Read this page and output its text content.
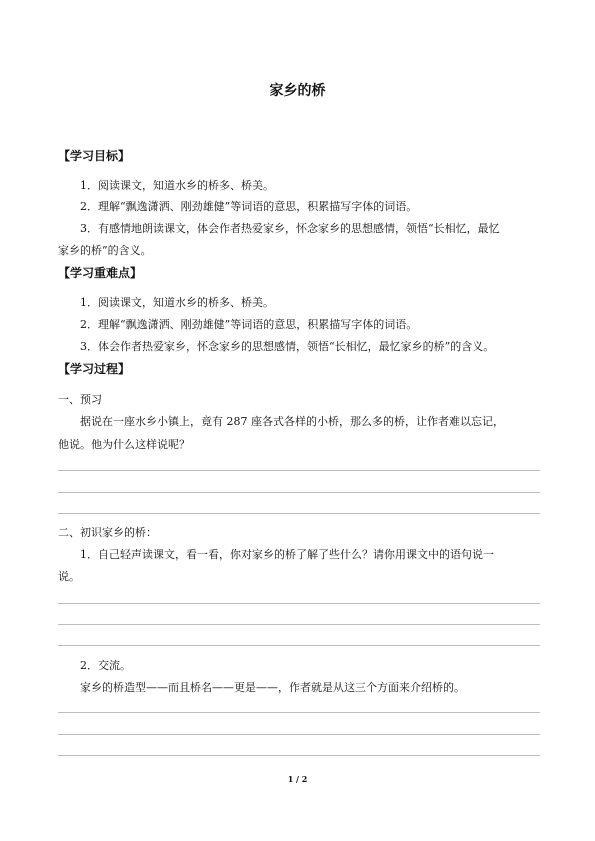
家乡的桥
【学习目标】
1．阅读课文，知道水乡的桥多、桥美。
2．理解“飘逸潇洒、刚劲雄健”等词语的意思，积累描写字体的词语。
3．有感情地朗读课文，体会作者热爱家乡，怀念家乡的思想感情，领悟“长相忆，最忆
家乡的桥”的含义。
【学习重难点】
1．阅读课文，知道水乡的桥多、桥美。
2．理解“飘逸潇洒、刚劲雄健”等词语的意思，积累描写字体的词语。
3．体会作者热爱家乡，怀念家乡的思想感情，领悟“长相忆，最忆家乡的桥”的含义。
【学习过程】
一、预习
据说在一座水乡小镇上，竟有 287 座各式各样的小桥，那么多的桥，让作者难以忘记，
他说。他为什么这样说呢？
二、初识家乡的桥：
1．自己轻声读课文，看一看，你对家乡的桥了解了些什么？请你用课文中的语句说一
说。
2．交流。
家乡的桥造型——而且桥名——更是——，作者就是从这三个方面来介绍桥的。
1 / 2
